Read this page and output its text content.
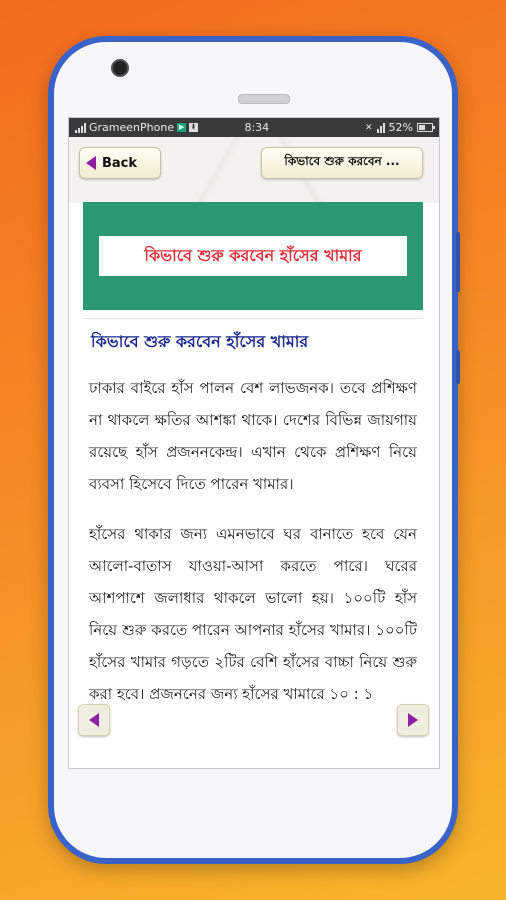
GrameenPhone ▶ ⬇	8:34	✕ 52%
Back	কিভাবে শুরু করবেন ...
কিভাবে শুরু করবেন হাঁসের খামার
কিভাবে শুরু করবেন হাঁসের খামার

ঢাকার বাইরে হাঁস পালন বেশ লাভজনক। তবে প্রশিক্ষণ না থাকলে ক্ষতির আশঙ্কা থাকে। দেশের বিভিন্ন জায়গায় রয়েছে হাঁস প্রজননকেন্দ্র। এখান থেকে প্রশিক্ষণ নিয়ে ব্যবসা হিসেবে দিতে পারেন খামার।

হাঁসের থাকার জন্য এমনভাবে ঘর বানাতে হবে যেন আলো-বাতাস যাওয়া-আসা করতে পারে। ঘরের আশপাশে জলাধার থাকলে ভালো হয়। ১০০টি হাঁস নিয়ে শুরু করতে পারেন আপনার হাঁসের খামার। ১০০টি হাঁসের খামার গড়তে ২টির বেশি হাঁসের বাচ্চা নিয়ে শুরু করা হবে। প্রজননের জন্য হাঁসের খামারে ১০ : ১
